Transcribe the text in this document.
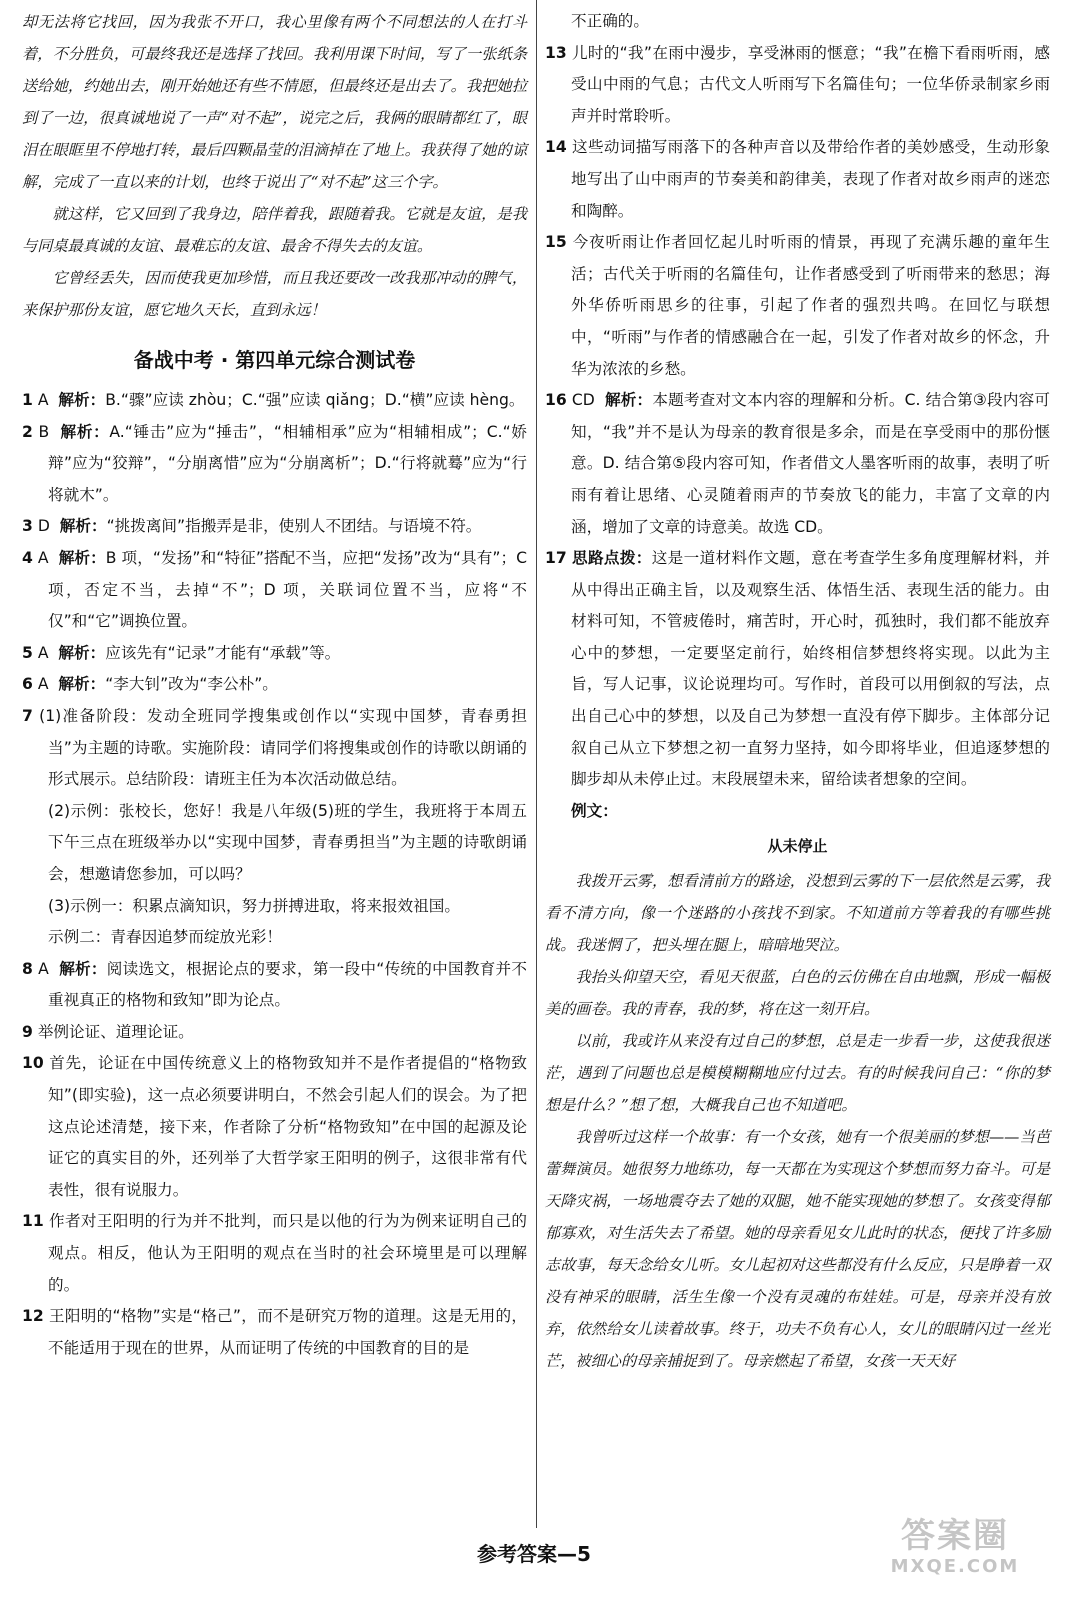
却无法将它找回，因为我张不开口，我心里像有两个不同想法的人在打斗着，不分胜负，可最终我还是选择了找回。我利用课下时间，写了一张纸条送给她，约她出去，刚开始她还有些不情愿，但最终还是出去了。我把她拉到了一边，很真诚地说了一声“对不起”，说完之后，我俩的眼睛都红了，眼泪在眼眶里不停地打转，最后四颗晶莹的泪滴掉在了地上。我获得了她的谅解，完成了一直以来的计划，也终于说出了“对不起”这三个字。

就这样，它又回到了我身边，陪伴着我，跟随着我。它就是友谊，是我与同桌最真诚的友谊、最难忘的友谊、最舍不得失去的友谊。

它曾经丢失，因而使我更加珍惜，而且我还要改一改我那冲动的脾气，来保护那份友谊，愿它地久天长，直到永远！

备战中考 · 第四单元综合测试卷

1 A 解析：B.“骤”应读 zhòu；C.“强”应读 qiǎng；D.“横”应读 hèng。

2 B 解析：A.“锤击”应为“捶击”，“相辅相承”应为“相辅相成”；C.“娇辩”应为“狡辩”，“分崩离惜”应为“分崩离析”；D.“行将就蓦”应为“行将就木”。

3 D 解析：“挑拨离间”指搬弄是非，使别人不团结。与语境不符。

4 A 解析：B 项，“发扬”和“特征”搭配不当，应把“发扬”改为“具有”；C 项，否定不当，去掉“不”；D 项，关联词位置不当，应将“不仅”和“它”调换位置。

5 A 解析：应该先有“记录”才能有“承载”等。

6 A 解析：“李大钊”改为“李公朴”。

7 (1)准备阶段：发动全班同学搜集或创作以“实现中国梦，青春勇担当”为主题的诗歌。实施阶段：请同学们将搜集或创作的诗歌以朗诵的形式展示。总结阶段：请班主任为本次活动做总结。

(2)示例：张校长，您好！我是八年级(5)班的学生，我班将于本周五下午三点在班级举办以“实现中国梦，青春勇担当”为主题的诗歌朗诵会，想邀请您参加，可以吗？

(3)示例一：积累点滴知识，努力拼搏进取，将来报效祖国。

示例二：青春因追梦而绽放光彩！

8 A 解析：阅读选文，根据论点的要求，第一段中“传统的中国教育并不重视真正的格物和致知”即为论点。

9 举例论证、道理论证。

10 首先，论证在中国传统意义上的格物致知并不是作者提倡的“格物致知”(即实验)，这一点必须要讲明白，不然会引起人们的误会。为了把这点论述清楚，接下来，作者除了分析“格物致知”在中国的起源及论证它的真实目的外，还列举了大哲学家王阳明的例子，这很非常有代表性，很有说服力。

11 作者对王阳明的行为并不批判，而只是以他的行为为例来证明自己的观点。相反，他认为王阳明的观点在当时的社会环境里是可以理解的。

12 王阳明的“格物”实是“格己”，而不是研究万物的道理。这是无用的，不能适用于现在的世界，从而证明了传统的中国教育的目的是

不正确的。

13 儿时的“我”在雨中漫步，享受淋雨的惬意；“我”在檐下看雨听雨，感受山中雨的气息；古代文人听雨写下名篇佳句；一位华侨录制家乡雨声并时常聆听。

14 这些动词描写雨落下的各种声音以及带给作者的美妙感受，生动形象地写出了山中雨声的节奏美和韵律美，表现了作者对故乡雨声的迷恋和陶醉。

15 今夜听雨让作者回忆起儿时听雨的情景，再现了充满乐趣的童年生活；古代关于听雨的名篇佳句，让作者感受到了听雨带来的愁思；海外华侨听雨思乡的往事，引起了作者的强烈共鸣。在回忆与联想中，“听雨”与作者的情感融合在一起，引发了作者对故乡的怀念，升华为浓浓的乡愁。

16 CD 解析：本题考查对文本内容的理解和分析。C. 结合第③段内容可知，“我”并不是认为母亲的教育很是多余，而是在享受雨中的那份惬意。D. 结合第⑤段内容可知，作者借文人墨客听雨的故事，表明了听雨有着让思绪、心灵随着雨声的节奏放飞的能力，丰富了文章的内涵，增加了文章的诗意美。故选 CD。

17 思路点拨：这是一道材料作文题，意在考查学生多角度理解材料，并从中得出正确主旨，以及观察生活、体悟生活、表现生活的能力。由材料可知，不管疲倦时，痛苦时，开心时，孤独时，我们都不能放弃心中的梦想，一定要坚定前行，始终相信梦想终将实现。以此为主旨，写人记事，议论说理均可。写作时，首段可以用倒叙的写法，点出自己心中的梦想，以及自己为梦想一直没有停下脚步。主体部分记叙自己从立下梦想之初一直努力坚持，如今即将毕业，但追逐梦想的脚步却从未停止过。末段展望未来，留给读者想象的空间。

例文：

从未停止

我拨开云雾，想看清前方的路途，没想到云雾的下一层依然是云雾，我看不清方向，像一个迷路的小孩找不到家。不知道前方等着我的有哪些挑战。我迷惘了，把头埋在腿上，暗暗地哭泣。

我抬头仰望天空，看见天很蓝，白色的云仿佛在自由地飘，形成一幅极美的画卷。我的青春，我的梦，将在这一刻开启。

以前，我或许从来没有过自己的梦想，总是走一步看一步，这使我很迷茫，遇到了问题也总是模模糊糊地应付过去。有的时候我问自己：“你的梦想是什么？”想了想，大概我自己也不知道吧。

我曾听过这样一个故事：有一个女孩，她有一个很美丽的梦想——当芭蕾舞演员。她很努力地练功，每一天都在为实现这个梦想而努力奋斗。可是天降灾祸，一场地震夺去了她的双腿，她不能实现她的梦想了。女孩变得郁郁寡欢，对生活失去了希望。她的母亲看见女儿此时的状态，便找了许多励志故事，每天念给女儿听。女儿起初对这些都没有什么反应，只是睁着一双没有神采的眼睛，活生生像一个没有灵魂的布娃娃。可是，母亲并没有放弃，依然给女儿读着故事。终于，功夫不负有心人，女儿的眼睛闪过一丝光芒，被细心的母亲捕捉到了。母亲燃起了希望，女孩一天天好

参考答案—5	答案圈
MXQE.COM
